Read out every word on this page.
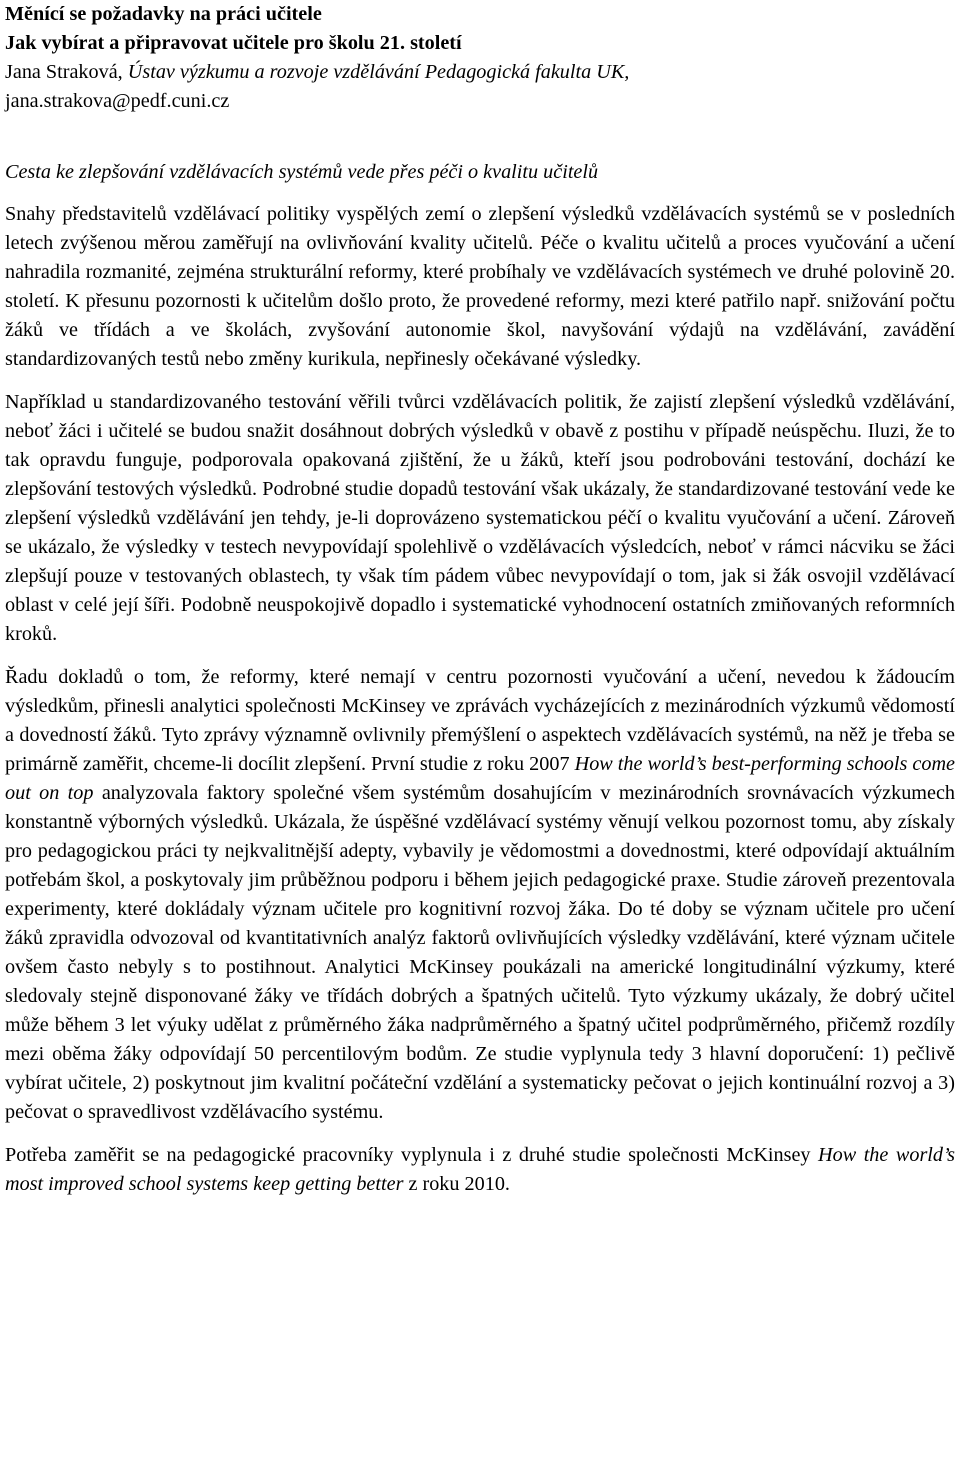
Měnící se požadavky na práci učitele

Jak vybírat a připravovat učitele pro školu 21. století

Jana Straková, Ústav výzkumu a rozvoje vzdělávání Pedagogická fakulta UK,

jana.strakova@pedf.cuni.cz

Cesta ke zlepšování vzdělávacích systémů vede přes péči o kvalitu učitelů

Snahy představitelů vzdělávací politiky vyspělých zemí o zlepšení výsledků vzdělávacích systémů se v posledních letech zvýšenou měrou zaměřují na ovlivňování kvality učitelů. Péče o kvalitu učitelů a proces vyučování a učení nahradila rozmanité, zejména strukturální reformy, které probíhaly ve vzdělávacích systémech ve druhé polovině 20. století. K přesunu pozornosti k učitelům došlo proto, že provedené reformy, mezi které patřilo např. snižování počtu žáků ve třídách a ve školách, zvyšování autonomie škol, navyšování výdajů na vzdělávání, zavádění standardizovaných testů nebo změny kurikula, nepřinesly očekávané výsledky.

Například u standardizovaného testování věřili tvůrci vzdělávacích politik, že zajistí zlepšení výsledků vzdělávání, neboť žáci i učitelé se budou snažit dosáhnout dobrých výsledků v obavě z postihu v případě neúspěchu. Iluzi, že to tak opravdu funguje, podporovala opakovaná zjištění, že u žáků, kteří jsou podrobováni testování, dochází ke zlepšování testových výsledků. Podrobné studie dopadů testování však ukázaly, že standardizované testování vede ke zlepšení výsledků vzdělávání jen tehdy, je-li doprovázeno systematickou péčí o kvalitu vyučování a učení. Zároveň se ukázalo, že výsledky v testech nevypovídají spolehlivě o vzdělávacích výsledcích, neboť v rámci nácviku se žáci zlepšují pouze v testovaných oblastech, ty však tím pádem vůbec nevypovídají o tom, jak si žák osvojil vzdělávací oblast v celé její šíři. Podobně neuspokojivě dopadlo i systematické vyhodnocení ostatních zmiňovaných reformních kroků.

Řadu dokladů o tom, že reformy, které nemají v centru pozornosti vyučování a učení, nevedou k žádoucím výsledkům, přinesli analytici společnosti McKinsey ve zprávách vycházejících z mezinárodních výzkumů vědomostí a dovedností žáků. Tyto zprávy významně ovlivnily přemýšlení o aspektech vzdělávacích systémů, na něž je třeba se primárně zaměřit, chceme-li docílit zlepšení. První studie z roku 2007 How the world’s best-performing schools come out on top analyzovala faktory společné všem systémům dosahujícím v mezinárodních srovnávacích výzkumech konstantně výborných výsledků. Ukázala, že úspěšné vzdělávací systémy věnují velkou pozornost tomu, aby získaly pro pedagogickou práci ty nejkvalitnější adepty, vybavily je vědomostmi a dovednostmi, které odpovídají aktuálním potřebám škol, a poskytovaly jim průběžnou podporu i během jejich pedagogické praxe. Studie zároveň prezentovala experimenty, které dokládaly význam učitele pro kognitivní rozvoj žáka. Do té doby se význam učitele pro učení žáků zpravidla odvozoval od kvantitativních analýz faktorů ovlivňujících výsledky vzdělávání, které význam učitele ovšem často nebyly s to postihnout. Analytici McKinsey poukázali na americké longitudinální výzkumy, které sledovaly stejně disponované žáky ve třídách dobrých a špatných učitelů. Tyto výzkumy ukázaly, že dobrý učitel může během 3 let výuky udělat z průměrného žáka nadprůměrného a špatný učitel podprůměrného, přičemž rozdíly mezi oběma žáky odpovídají 50 percentilovým bodům. Ze studie vyplynula tedy 3 hlavní doporučení: 1) pečlivě vybírat učitele, 2) poskytnout jim kvalitní počáteční vzdělání a systematicky pečovat o jejich kontinuální rozvoj a 3) pečovat o spravedlivost vzdělávacího systému.

Potřeba zaměřit se na pedagogické pracovníky vyplynula i z druhé studie společnosti McKinsey How the world’s most improved school systems keep getting better z roku 2010.
